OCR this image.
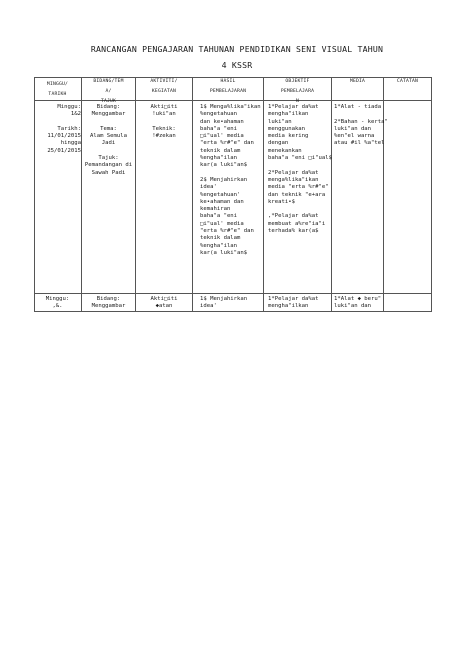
RANCANGAN PENGAJARAN TAHUNAN PENDIDIKAN SENI VISUAL TAHUN
4 KSSR
MINGGU/
TARIKH
BIDANG/TEM
A/
TAJUK
AKTIVITI/
KEGIATAN
HASIL
PEMBELAJARAN
OBJEKTIF
PEMBELAJARA
N
MEDIA	CATATAN
Minggu:
1&2

Tarikh:
11/01/2015
hingga
25/01/2015
Bidang:
Menggambar

Tema:
Alam Semula
Jadi

Tajuk:
Pemandangan di
Sawah Padi
Akti□iti
!uki"an

Teknik:
!#zekan
1$ Menga%lika"ikan
%engetahuan
dan ke•ahaman
baha"a "eni
□i"ual' media
"erta %r#"e" dan
teknik dalam
%engha"ilan
kar(a luki"an$

2$ Menjahirkan
idea'
%engetahuan'
ke•ahaman dan
kemahiran
baha"a "eni
□i"ual' media
"erta %r#"e" dan
teknik dalam
%engha"ilan
kar(a luki"an$
1*Pelajar da%at
mengha"ilkan
luki"an
menggunakan
media kering
dengan
menekankan
baha"a "eni □i"ual$

2*Pelajar da%at
menga%lika"ikan
media "erta %r#"e"
dan teknik "e+ara
kreati•$

,*Pelajar da%at
membuat a%re"ia"i
terhada% kar(a$
1*Alat - tiada

2*Bahan - kerta"
luki"an dan
%en"el warna
atau #il %a"tel
Minggu:
,&.
Bidang:
Menggambar
Akti□iti
◆atan
1$ Menjahirkan
idea'
1*Pelajar da%at
mengha"ilkan
1*Alat ◆ beru"
luki"an dan
